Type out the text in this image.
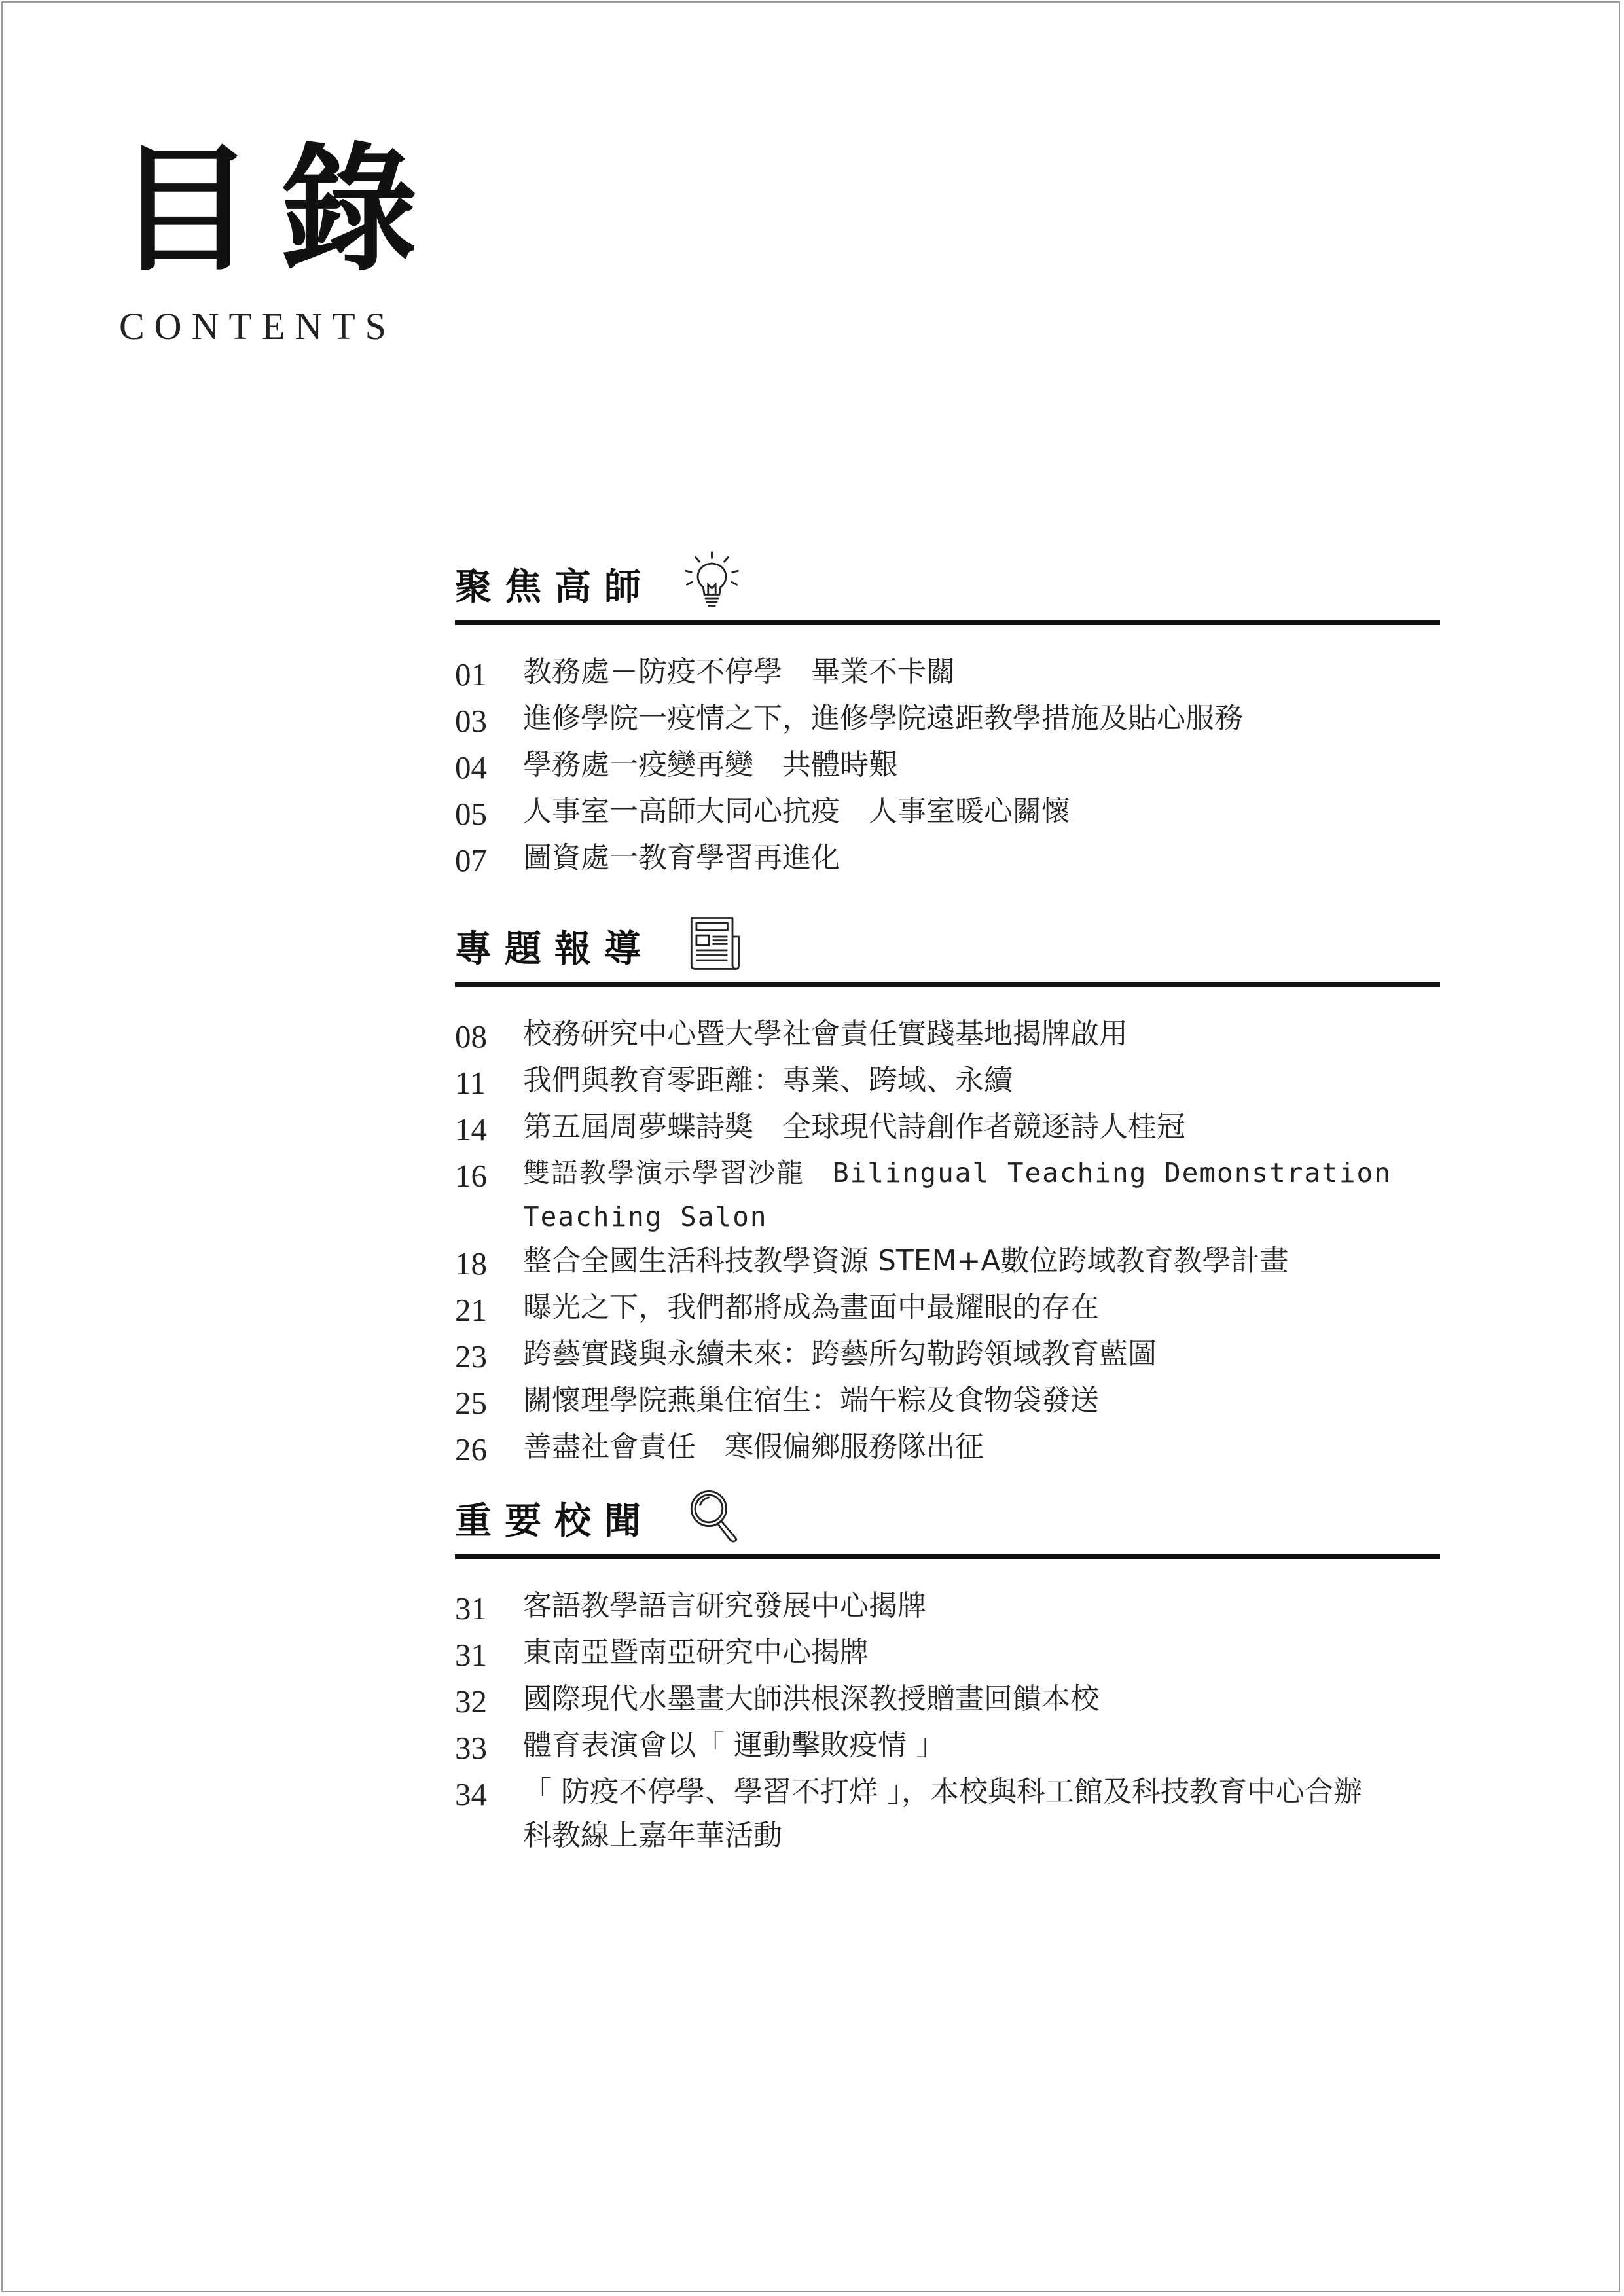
目錄
CONTENTS
聚焦高師
01	教務處－防疫不停學　畢業不卡關
03	進修學院一疫情之下，進修學院遠距教學措施及貼心服務
04	學務處一疫變再變　共體時艱
05	人事室一高師大同心抗疫　人事室暖心關懷
07	圖資處一教育學習再進化
專題報導
08	校務研究中心暨大學社會責任實踐基地揭牌啟用
11	我們與教育零距離：專業、跨域、永續
14	第五屆周夢蝶詩獎　全球現代詩創作者競逐詩人桂冠
16	雙語教學演示學習沙龍　Bilingual Teaching Demonstration
Teaching Salon
18	整合全國生活科技教學資源 STEM+A數位跨域教育教學計畫
21	曝光之下，我們都將成為畫面中最耀眼的存在
23	跨藝實踐與永續未來：跨藝所勾勒跨領域教育藍圖
25	關懷理學院燕巢住宿生：端午粽及食物袋發送
26	善盡社會責任　寒假偏鄉服務隊出征
重要校聞
31	客語教學語言研究發展中心揭牌
31	東南亞暨南亞研究中心揭牌
32	國際現代水墨畫大師洪根深教授贈畫回饋本校
33	體育表演會以「 運動擊敗疫情 」
34	「 防疫不停學、學習不打烊 」，本校與科工館及科技教育中心合辦
科教線上嘉年華活動
